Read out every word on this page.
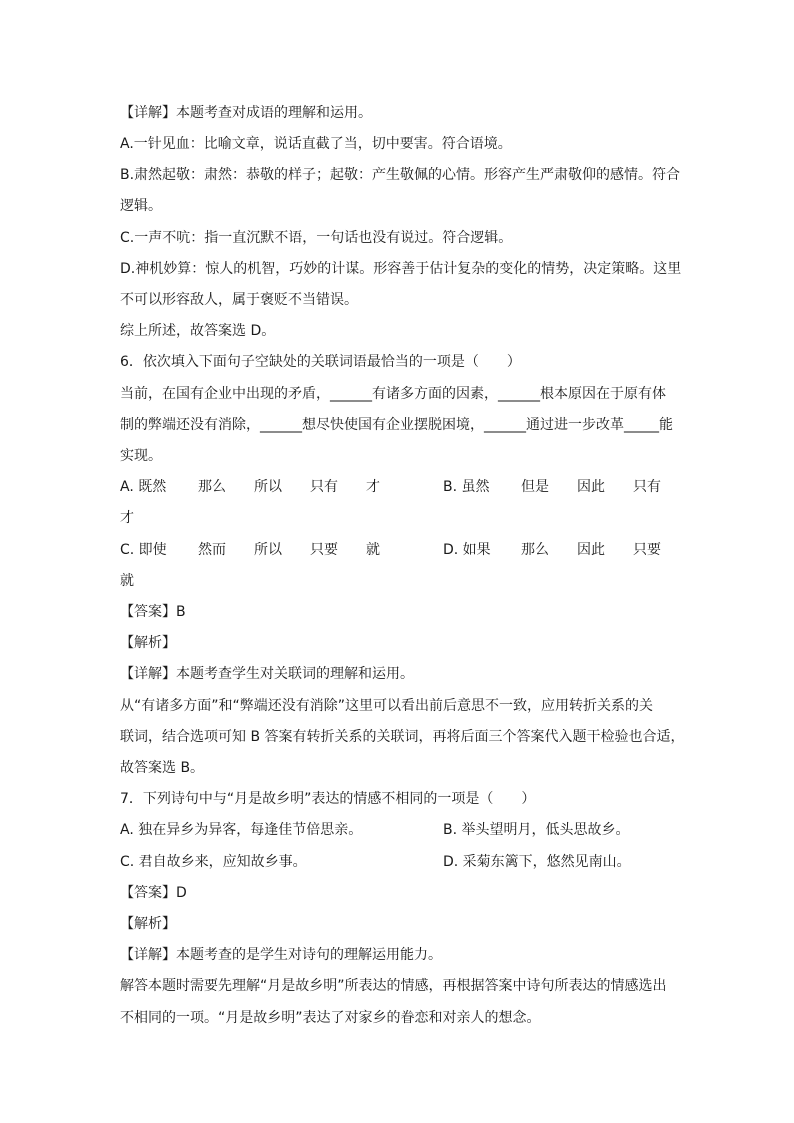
【详解】本题考查对成语的理解和运用。
A.一针见血：比喻文章，说话直截了当，切中要害。符合语境。
B.肃然起敬：肃然：恭敬的样子；起敬：产生敬佩的心情。形容产生严肃敬仰的感情。符合
逻辑。
C.一声不吭：指一直沉默不语，一句话也没有说过。符合逻辑。
D.神机妙算：惊人的机智，巧妙的计谋。形容善于估计复杂的变化的情势，决定策略。这里
不可以形容敌人，属于褒贬不当错误。
综上所述，故答案选 D。
6．依次填入下面句子空缺处的关联词语最恰当的一项是（　　）
当前，在国有企业中出现的矛盾，______有诸多方面的因素，______根本原因在于原有体
制的弊端还没有消除，______想尽快使国有企业摆脱困境，______通过进一步改革_____能
实现。
A. 既然 那么 所以 只有 才	B. 虽然 但是 因此 只有
才
C. 即使 然而 所以 只要 就	D. 如果 那么 因此 只要
就
【答案】B
【解析】
【详解】本题考查学生对关联词的理解和运用。
从“有诸多方面”和“弊端还没有消除”这里可以看出前后意思不一致，应用转折关系的关
联词，结合选项可知 B 答案有转折关系的关联词，再将后面三个答案代入题干检验也合适，
故答案选 B。
7．下列诗句中与“月是故乡明”表达的情感不相同的一项是（　　）
A. 独在异乡为异客，每逢佳节倍思亲。	B. 举头望明月，低头思故乡。
C. 君自故乡来，应知故乡事。	D. 采菊东篱下，悠然见南山。
【答案】D
【解析】
【详解】本题考查的是学生对诗句的理解运用能力。
解答本题时需要先理解“月是故乡明”所表达的情感，再根据答案中诗句所表达的情感选出
不相同的一项。“月是故乡明”表达了对家乡的眷恋和对亲人的想念。
